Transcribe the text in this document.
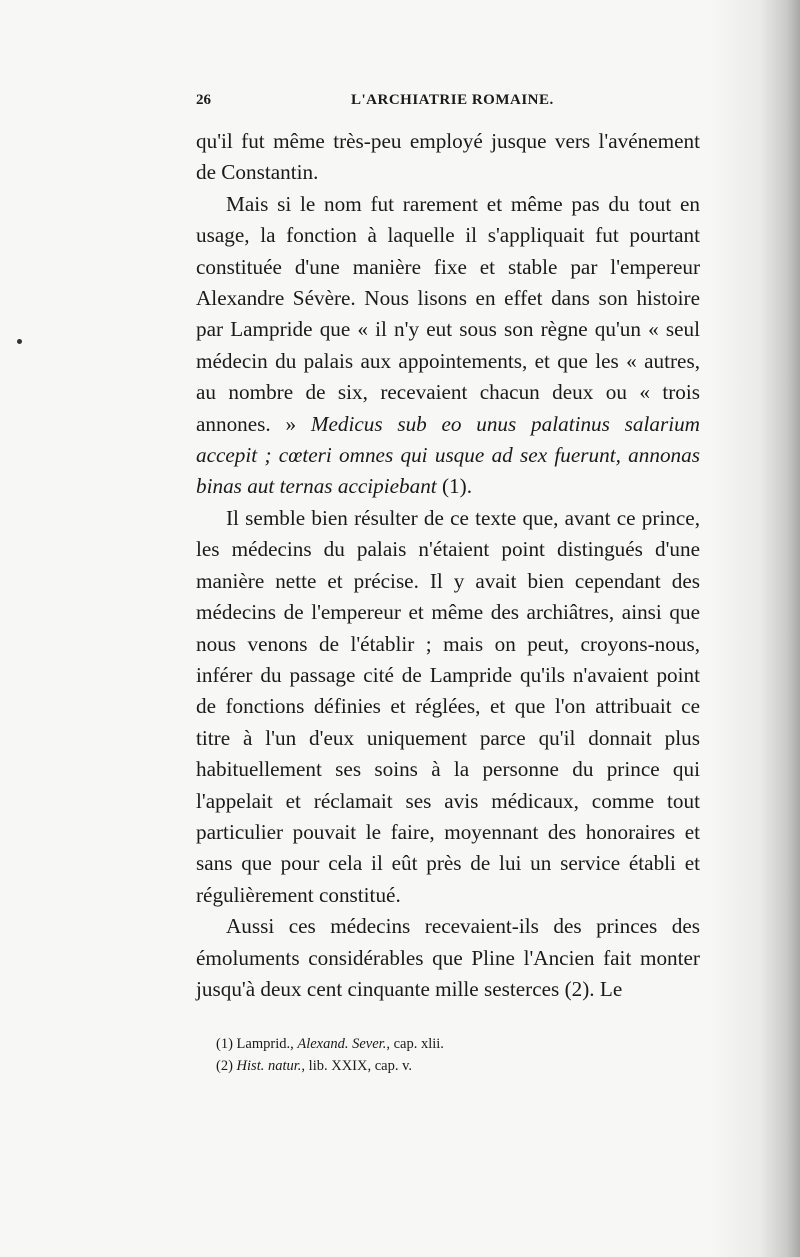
26	L'ARCHIATRIE ROMAINE.

qu'il fut même très-peu employé jusque vers l'avénement de Constantin.

Mais si le nom fut rarement et même pas du tout en usage, la fonction à laquelle il s'appliquait fut pourtant constituée d'une manière fixe et stable par l'empereur Alexandre Sévère. Nous lisons en effet dans son histoire par Lampride que « il n'y eut sous son règne qu'un « seul médecin du palais aux appointements, et que les « autres, au nombre de six, recevaient chacun deux ou « trois annones. » Medicus sub eo unus palatinus salarium accepit ; cœteri omnes qui usque ad sex fuerunt, annonas binas aut ternas accipiebant (1).

Il semble bien résulter de ce texte que, avant ce prince, les médecins du palais n'étaient point distingués d'une manière nette et précise. Il y avait bien cependant des médecins de l'empereur et même des archiâtres, ainsi que nous venons de l'établir ; mais on peut, croyons-nous, inférer du passage cité de Lampride qu'ils n'avaient point de fonctions définies et réglées, et que l'on attribuait ce titre à l'un d'eux uniquement parce qu'il donnait plus habituellement ses soins à la personne du prince qui l'appelait et réclamait ses avis médicaux, comme tout particulier pouvait le faire, moyennant des honoraires et sans que pour cela il eût près de lui un service établi et régulièrement constitué.

Aussi ces médecins recevaient-ils des princes des émoluments considérables que Pline l'Ancien fait monter jusqu'à deux cent cinquante mille sesterces (2). Le

(1) Lamprid., Alexand. Sever., cap. xlii.
(2) Hist. natur., lib. XXIX, cap. v.
